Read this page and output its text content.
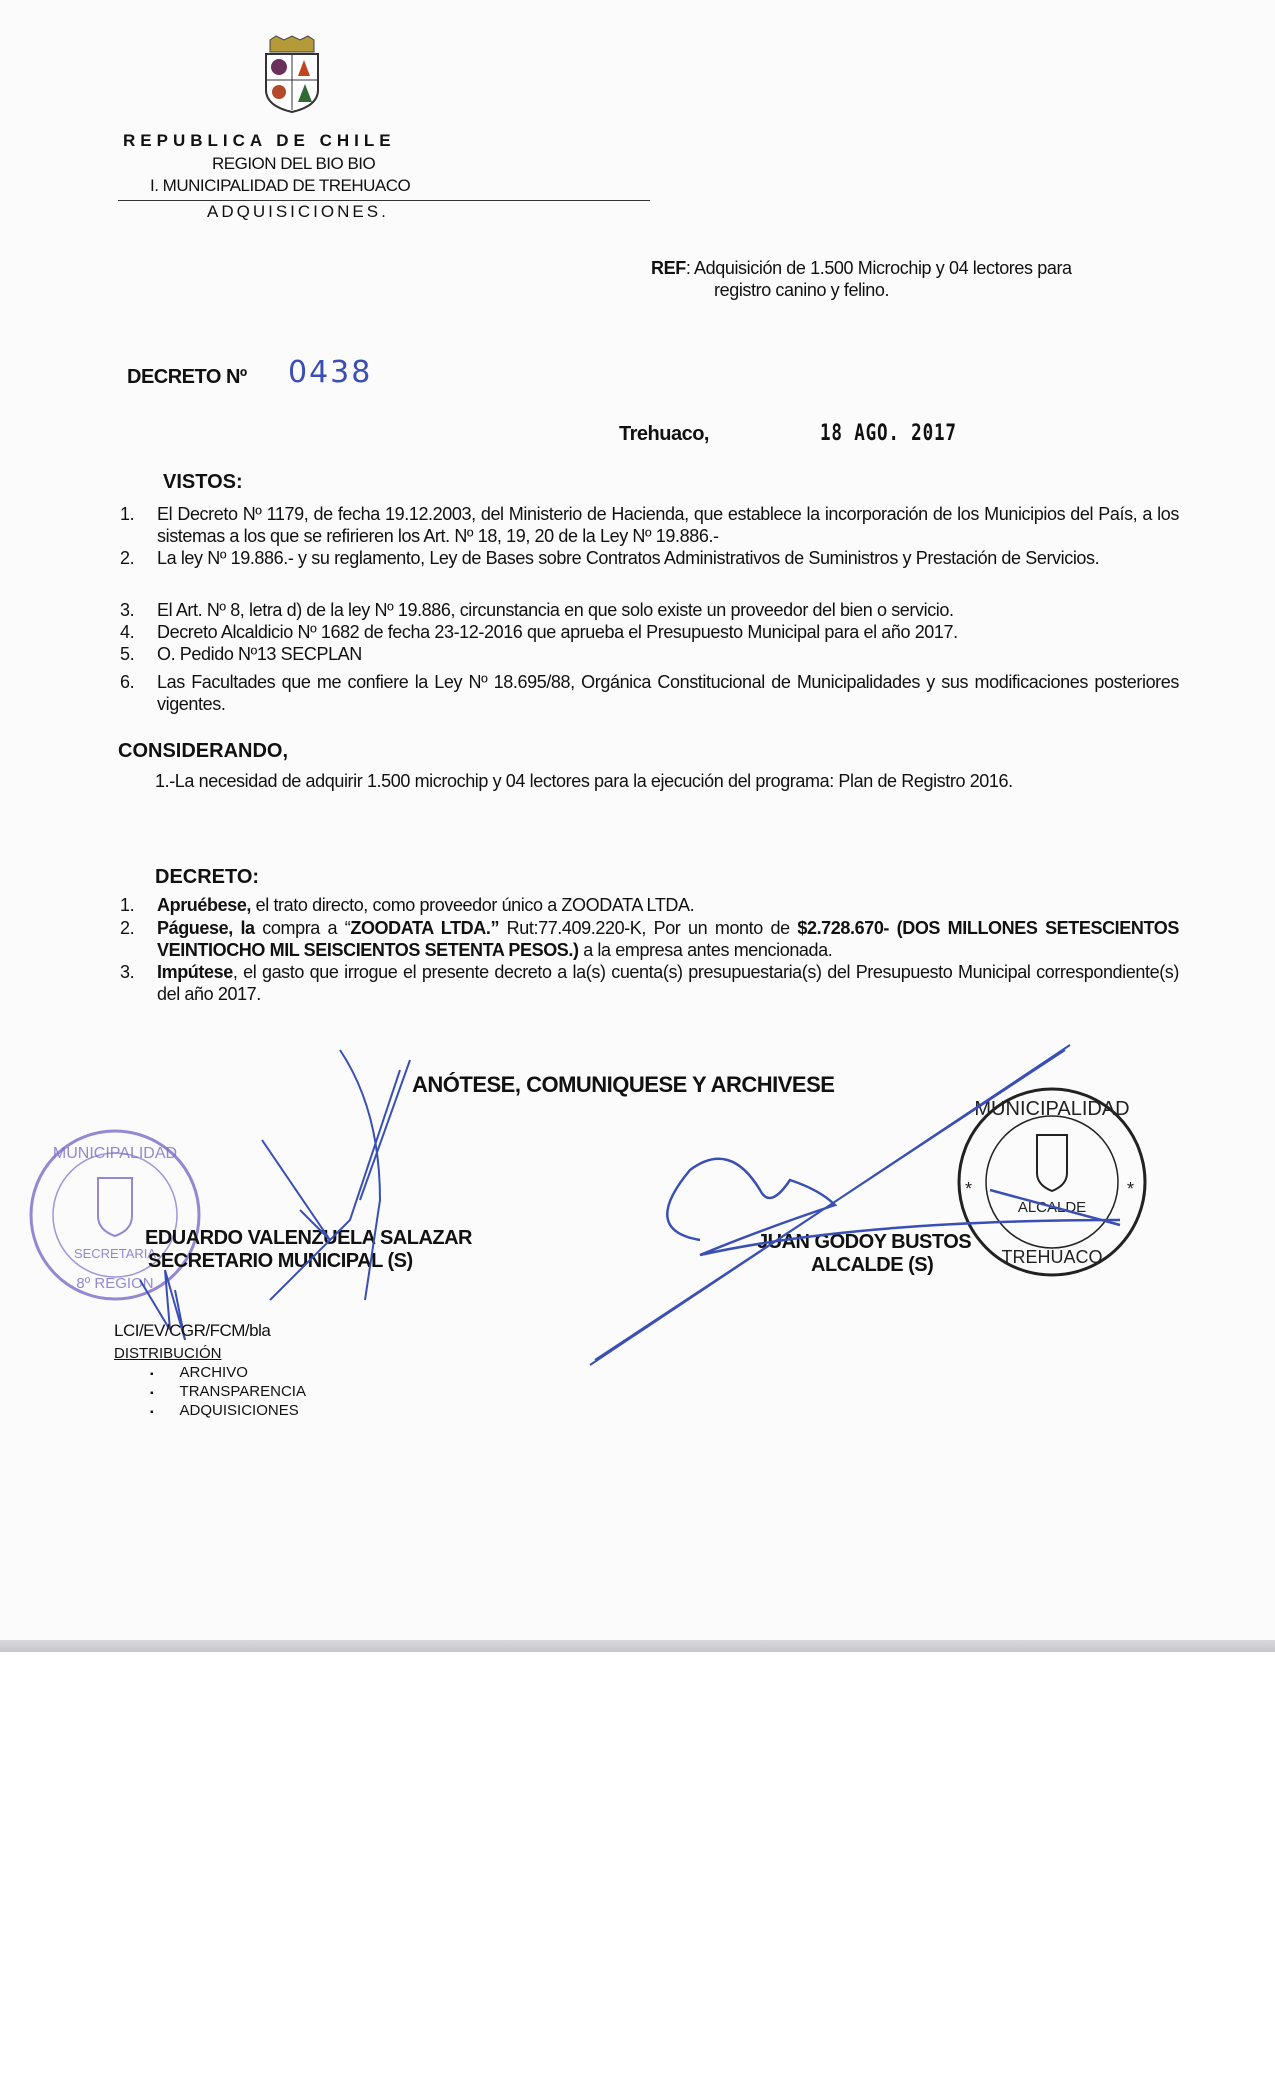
REPUBLICA DE CHILE
REGION DEL BIO BIO
I. MUNICIPALIDAD DE TREHUACO
ADQUISICIONES.
REF: Adquisición de 1.500 Microchip y 04 lectores para
registro canino y felino.
DECRETO Nº 0438
Trehuaco,	18 AGO. 2017
VISTOS:
1.	El Decreto Nº 1179, de fecha 19.12.2003, del Ministerio de Hacienda, que establece la incorporación de los Municipios del País, a los sistemas a los que se refirieren los Art. Nº 18, 19, 20 de la Ley Nº 19.886.-
2.	La ley Nº 19.886.- y su reglamento, Ley de Bases sobre Contratos Administrativos de Suministros y Prestación de Servicios.
3.	El Art. Nº 8, letra d) de la ley Nº 19.886, circunstancia en que solo existe un proveedor del bien o servicio.
4.	Decreto Alcaldicio Nº 1682 de fecha 23-12-2016 que aprueba el Presupuesto Municipal para el año 2017.
5.	O. Pedido Nº13 SECPLAN
6.	Las Facultades que me confiere la Ley Nº 18.695/88, Orgánica Constitucional de Municipalidades y sus modificaciones posteriores vigentes.
CONSIDERANDO,
1.-La necesidad de adquirir 1.500 microchip y 04 lectores para la ejecución del programa: Plan de Registro 2016.
DECRETO:
1.	Apruébese, el trato directo, como proveedor único a ZOODATA LTDA.
2.	Páguese, la compra a “ZOODATA LTDA.” Rut:77.409.220-K, Por un monto de $2.728.670- (DOS MILLONES SETESCIENTOS VEINTIOCHO MIL SEISCIENTOS SETENTA PESOS.) a la empresa antes mencionada.
3.	Impútese, el gasto que irrogue el presente decreto a la(s) cuenta(s) presupuestaria(s) del Presupuesto Municipal correspondiente(s) del año 2017.
ANÓTESE, COMUNIQUESE Y ARCHIVESE
MUNICIPALIDAD
SECRETARIA
8º REGION
MUNICIPALIDAD
ALCALDE
TREHUACO
*	*
EDUARDO VALENZUELA SALAZAR
SECRETARIO MUNICIPAL (S)
JUAN GODOY BUSTOS
ALCALDE (S)
LCI/EV/CGR/FCM/bla
DISTRIBUCIÓN
▪ ARCHIVO
▪ TRANSPARENCIA
▪ ADQUISICIONES
